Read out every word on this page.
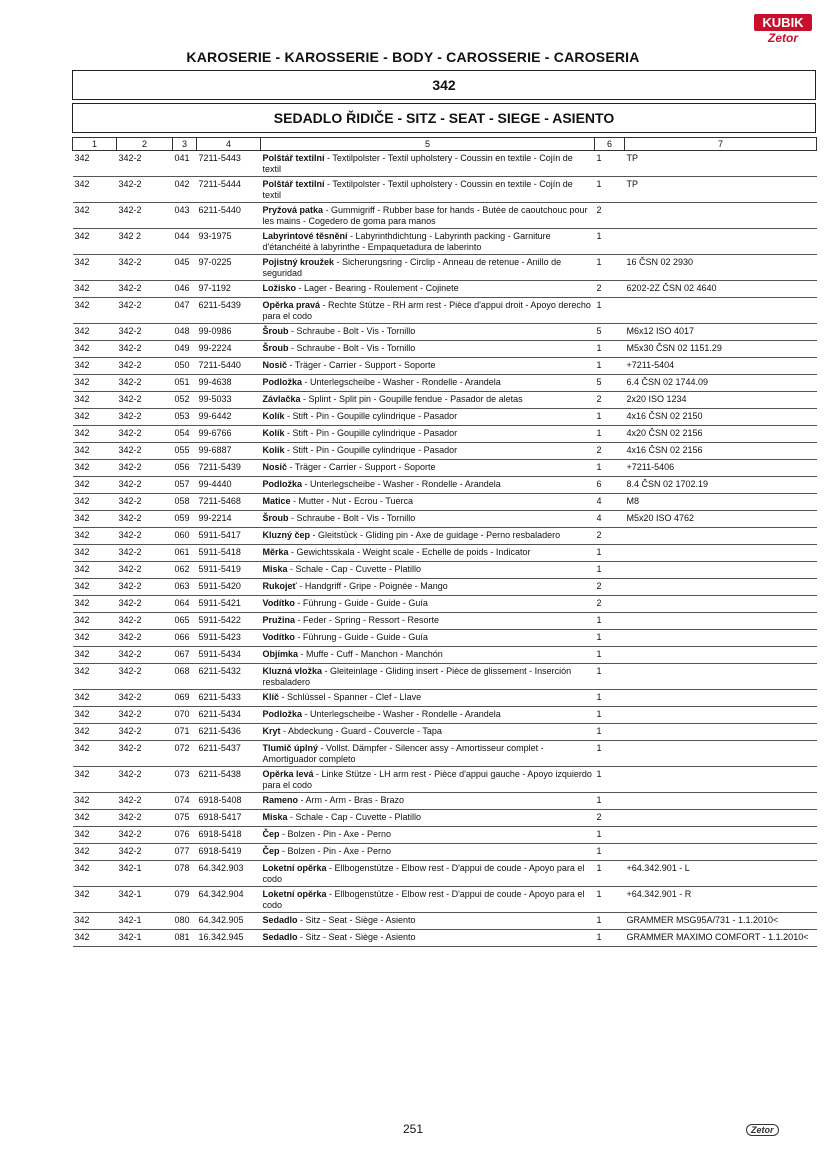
KAROSERIE - KAROSSERIE - BODY - CAROSSERIE - CAROSERIA
KUBIK
Zetor
342
SEDADLO ŘIDIČE - SITZ - SEAT - SIEGE - ASIENTO
1	2	3	4	5	6	7
342	342-2	041	7211-5443	Polštář textilní - Textilpolster - Textil upholstery - Coussin en textile - Cojín de textil	1	TP
342	342-2	042	7211-5444	Polštář textilní - Textilpolster - Textil upholstery - Coussin en textile - Cojín de textil	1	TP
342	342-2	043	6211-5440	Pryžová patka - Gummigriff - Rubber base for hands - Butée de caoutchouc pour les mains - Cogedero de goma para manos	2	
342	342 2	044	93-1975	Labyrintové těsnění - Labyrinthdichtung - Labyrinth packing - Garniture d'étanchéité à labyrinthe - Empaquetadura de laberinto	1	
342	342-2	045	97-0225	Pojistný kroužek - Sicherungsring - Circlip - Anneau de retenue - Anillo de seguridad	1	16 ČSN 02 2930
342	342-2	046	97-1192	Ložisko - Lager - Bearing - Roulement - Cojinete	2	6202-2Z ČSN 02 4640
342	342-2	047	6211-5439	Opěrka pravá - Rechte Stütze - RH arm rest - Pièce d'appui droit - Apoyo derecho para el codo	1	
342	342-2	048	99-0986	Šroub - Schraube - Bolt - Vis - Tornillo	5	M6x12 ISO 4017
342	342-2	049	99-2224	Šroub - Schraube - Bolt - Vis - Tornillo	1	M5x30 ČSN 02 1151.29
342	342-2	050	7211-5440	Nosič - Träger - Carrier - Support - Soporte	1	+7211-5404
342	342-2	051	99-4638	Podložka - Unterlegscheibe - Washer - Rondelle - Arandela	5	6.4 ČSN 02 1744.09
342	342-2	052	99-5033	Závlačka - Splint - Split pin - Goupille fendue - Pasador de aletas	2	2x20 ISO 1234
342	342-2	053	99-6442	Kolík - Stift - Pin - Goupille cylindrique - Pasador	1	4x16 ČSN 02 2150
342	342-2	054	99-6766	Kolík - Stift - Pin - Goupille cylindrique - Pasador	1	4x20 ČSN 02 2156
342	342-2	055	99-6887	Kolík - Stift - Pin - Goupille cylindrique - Pasador	2	4x16 ČSN 02 2156
342	342-2	056	7211-5439	Nosič - Träger - Carrier - Support - Soporte	1	+7211-5406
342	342-2	057	99-4440	Podložka - Unterlegscheibe - Washer - Rondelle - Arandela	6	8.4 ČSN 02 1702.19
342	342-2	058	7211-5468	Matice - Mutter - Nut - Ecrou - Tuerca	4	M8
342	342-2	059	99-2214	Šroub - Schraube - Bolt - Vis - Tornillo	4	M5x20 ISO 4762
342	342-2	060	5911-5417	Kluzný čep - Gleitstück - Gliding pin - Axe de guidage - Perno resbaladero	2	
342	342-2	061	5911-5418	Měrka - Gewichtsskala - Weight scale - Echelle de poids - Indicator	1	
342	342-2	062	5911-5419	Miska - Schale - Cap - Cuvette - Platillo	1	
342	342-2	063	5911-5420	Rukojeť - Handgriff - Gripe - Poignée - Mango	2	
342	342-2	064	5911-5421	Vodítko - Führung - Guide - Guide - Guía	2	
342	342-2	065	5911-5422	Pružina - Feder - Spring - Ressort - Resorte	1	
342	342-2	066	5911-5423	Vodítko - Führung - Guide - Guide - Guía	1	
342	342-2	067	5911-5434	Objímka - Muffe - Cuff - Manchon - Manchón	1	
342	342-2	068	6211-5432	Kluzná vložka - Gleiteinlage - Gliding insert - Pièce de glissement - Inserción resbaladero	1	
342	342-2	069	6211-5433	Klíč - Schlüssel - Spanner - Clef - Llave	1	
342	342-2	070	6211-5434	Podložka - Unterlegscheibe - Washer - Rondelle - Arandela	1	
342	342-2	071	6211-5436	Kryt - Abdeckung - Guard - Couvercle - Tapa	1	
342	342-2	072	6211-5437	Tlumič úplný - Vollst. Dämpfer - Silencer assy - Amortisseur complet - Amortiguador completo	1	
342	342-2	073	6211-5438	Opěrka levá - Linke Stütze - LH arm rest - Pièce d'appui gauche - Apoyo izquierdo para el codo	1	
342	342-2	074	6918-5408	Rameno - Arm - Arm - Bras - Brazo	1	
342	342-2	075	6918-5417	Miska - Schale - Cap - Cuvette - Platillo	2	
342	342-2	076	6918-5418	Čep - Bolzen - Pin - Axe - Perno	1	
342	342-2	077	6918-5419	Čep - Bolzen - Pin - Axe - Perno	1	
342	342-1	078	64.342.903	Loketní opěrka - Ellbogenstütze - Elbow rest - D'appui de coude - Apoyo para el codo	1	+64.342.901 - L
342	342-1	079	64.342.904	Loketní opěrka - Ellbogenstütze - Elbow rest - D'appui de coude - Apoyo para el codo	1	+64.342.901 - R
342	342-1	080	64.342.905	Sedadlo - Sitz - Seat - Siège - Asiento	1	GRAMMER MSG95A/731 - 1.1.2010<
342	342-1	081	16.342.945	Sedadlo - Sitz - Seat - Siège - Asiento	1	GRAMMER MAXIMO COMFORT - 1.1.2010<
251	Zetor
